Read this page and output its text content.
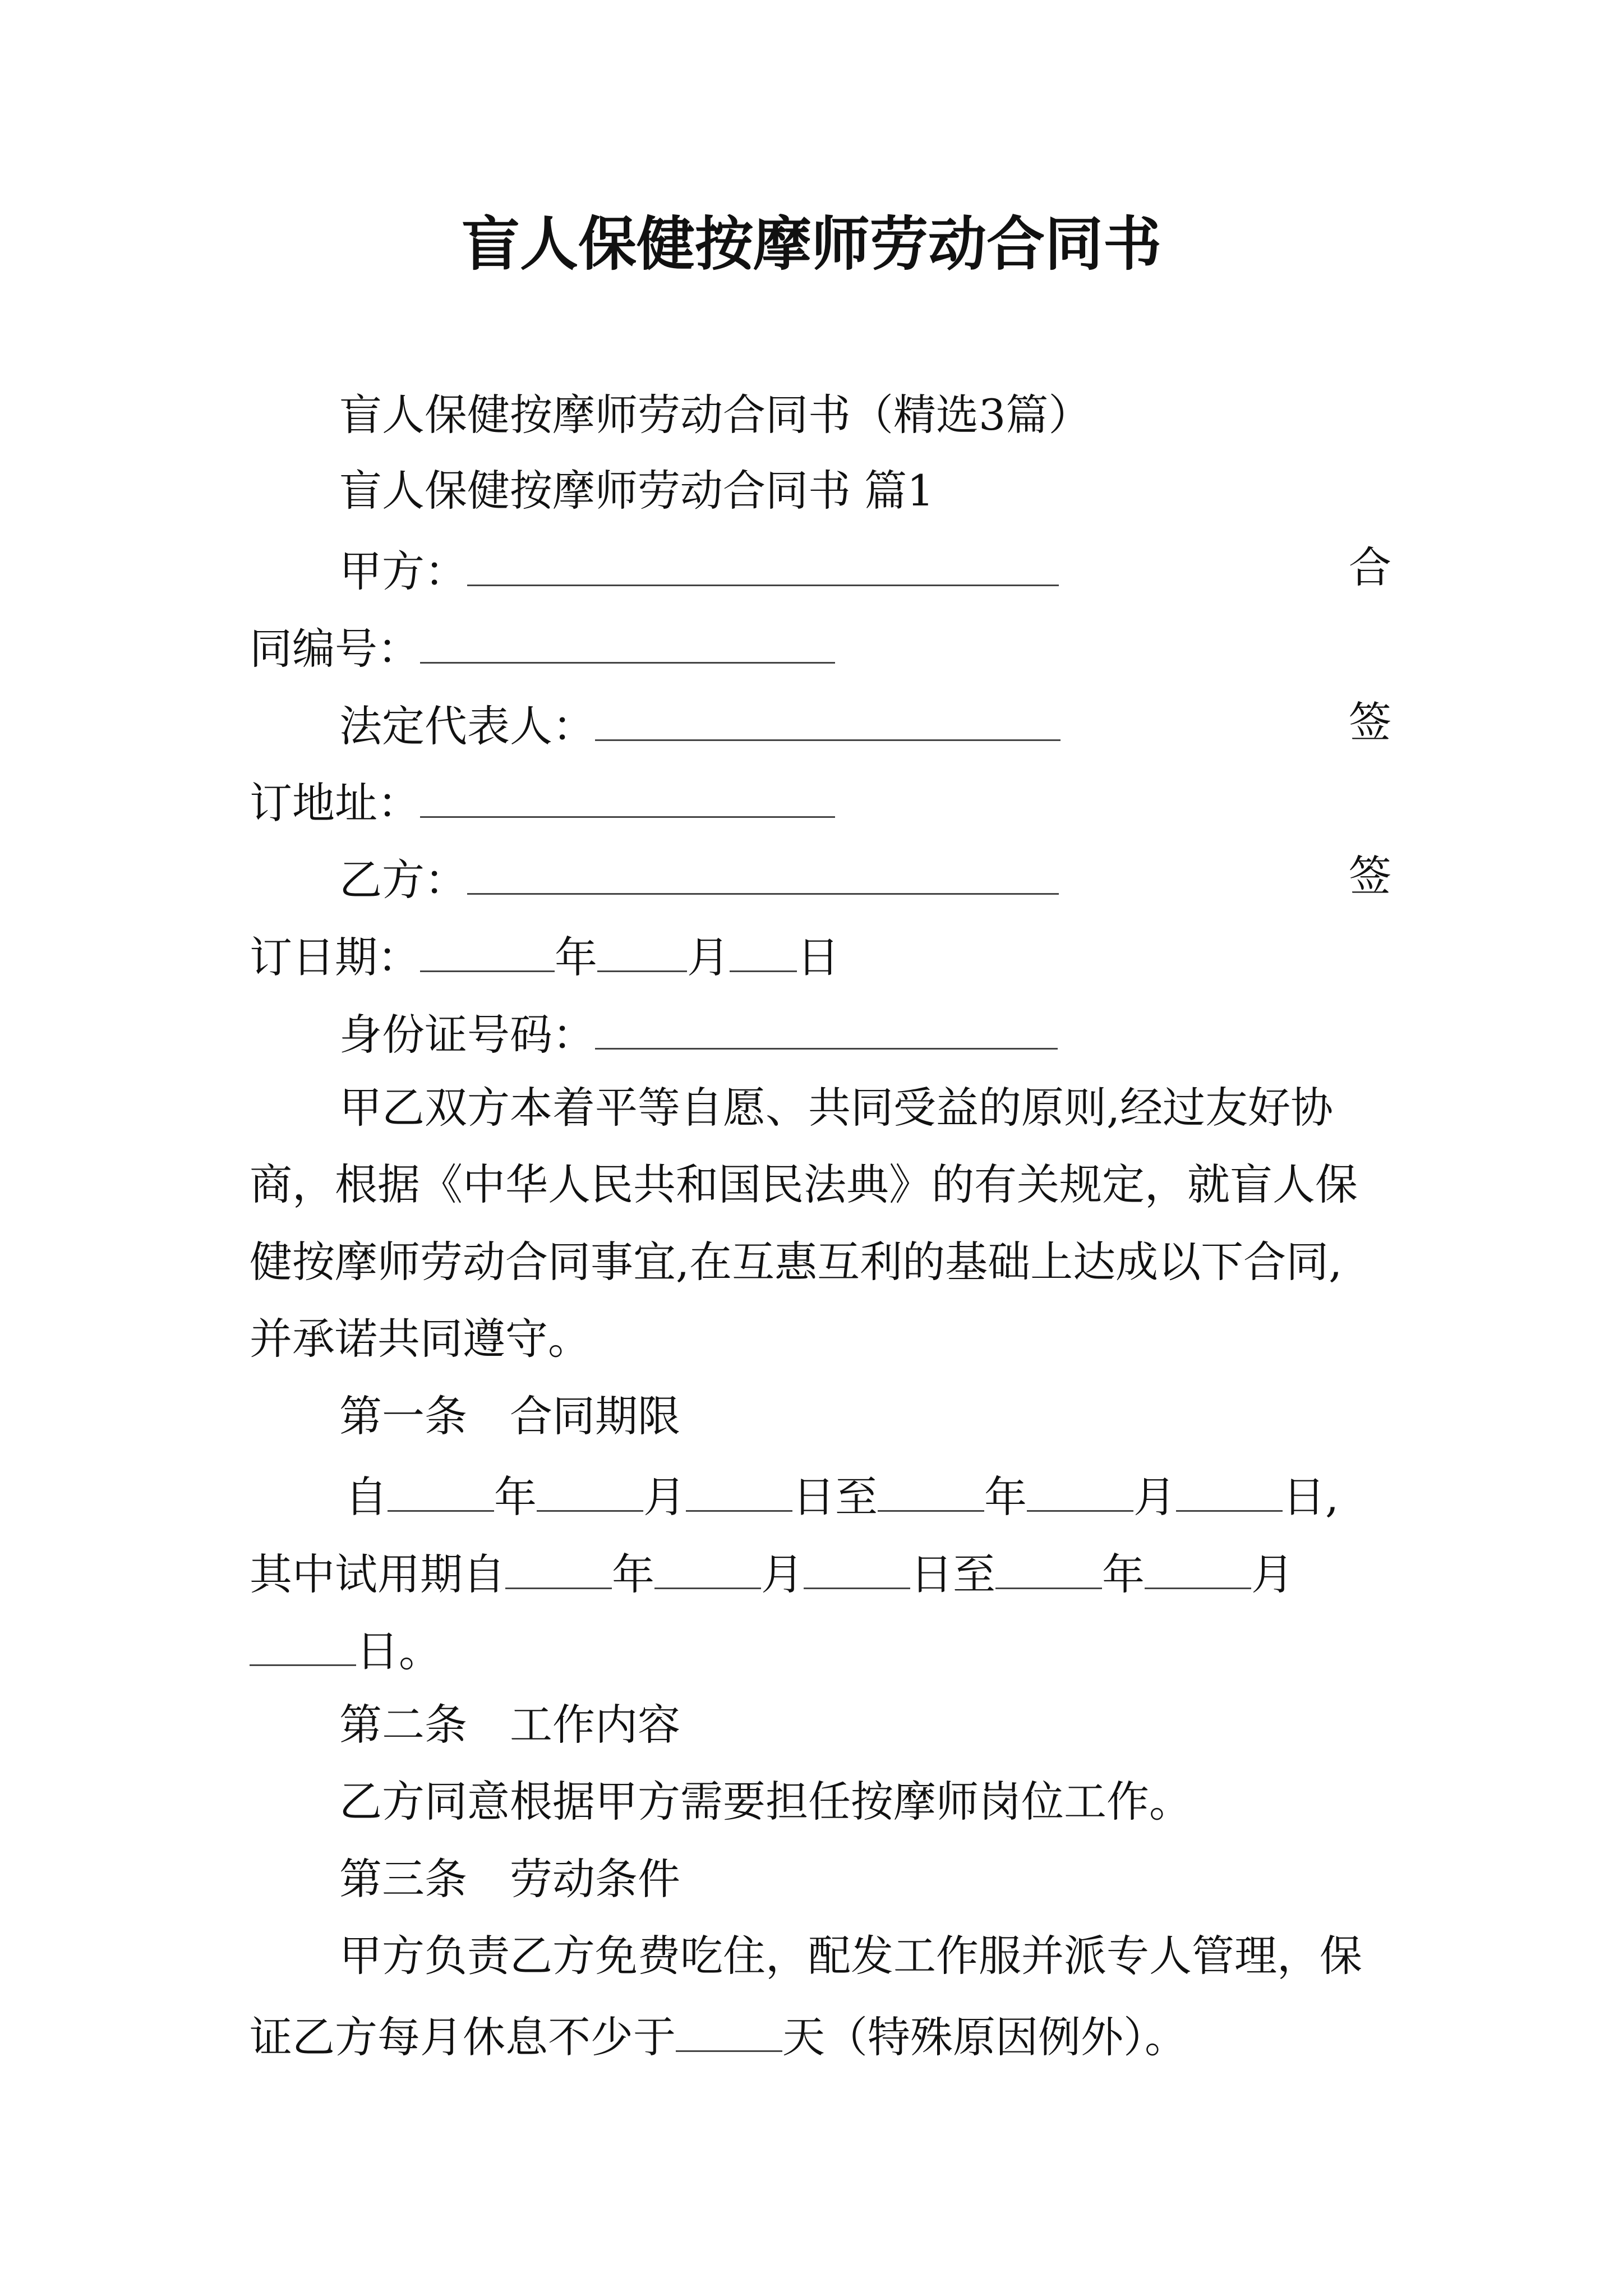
盲人保健按摩师劳动合同书
盲人保健按摩师劳动合同书（精选3篇）
盲人保健按摩师劳动合同书 篇1
甲方：	合
同编号：
法定代表人：	签
订地址：
乙方：	签
订日期：	年 月 日
身份证号码：
甲乙双方本着平等自愿、共同受益的原则,经过友好协
商，根据《中华人民共和国民法典》的有关规定，就盲人保
健按摩师劳动合同事宜,在互惠互利的基础上达成以下合同,
并承诺共同遵守。
第一条　合同期限
自	年	月	日至	年	月	日,
其中试用期自	年	月	日至	年	月
日。
第二条　工作内容
乙方同意根据甲方需要担任按摩师岗位工作。
第三条　劳动条件
甲方负责乙方免费吃住，配发工作服并派专人管理，保
证乙方每月休息不少于	天（特殊原因例外）。
